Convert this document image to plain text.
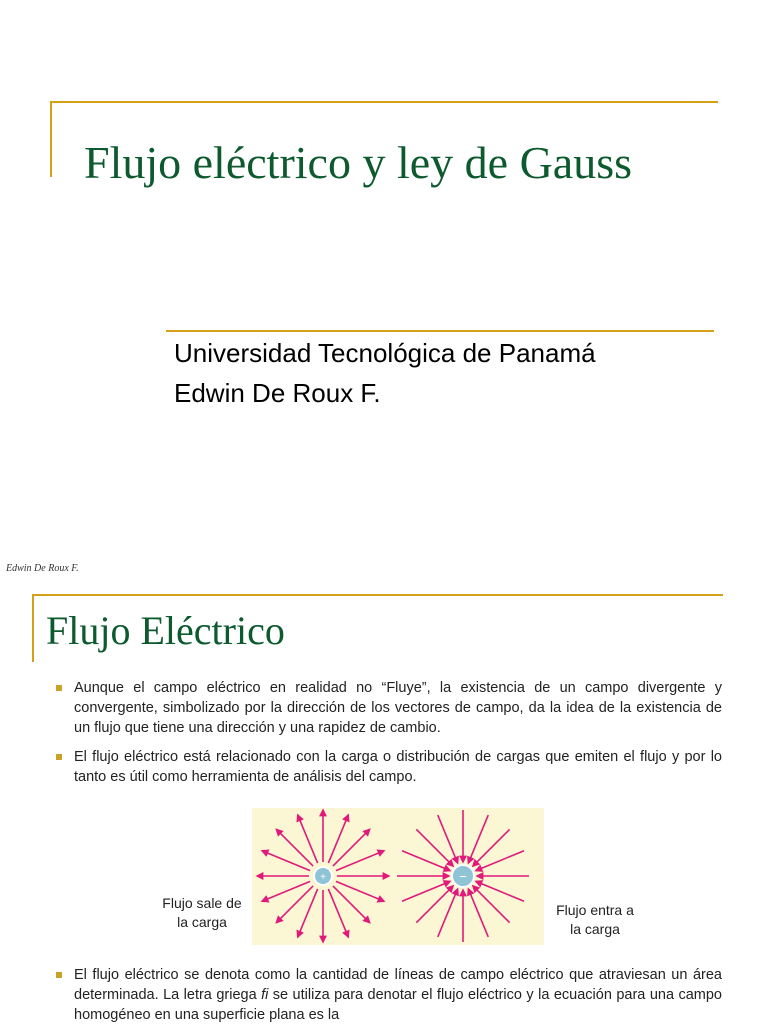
Flujo eléctrico y ley de Gauss
Universidad Tecnológica de Panamá
Edwin De Roux F.
Edwin De Roux F.
Flujo Eléctrico
Aunque el campo eléctrico en realidad no “Fluye”, la existencia de un campo divergente y convergente, simbolizado por la dirección de los vectores de campo, da la idea de la existencia de un flujo que tiene una dirección y una rapidez de cambio.
El flujo eléctrico está relacionado con la carga o distribución de cargas que emiten el flujo y por lo tanto es útil como herramienta de análisis del campo.
+	−
Flujo sale de
la carga
Flujo entra a
la carga
El flujo eléctrico se denota como la cantidad de líneas de campo eléctrico que atraviesan un área determinada. La letra griega fi se utiliza para denotar el flujo eléctrico y la ecuación para una campo homogéneo en una superficie plana es la
